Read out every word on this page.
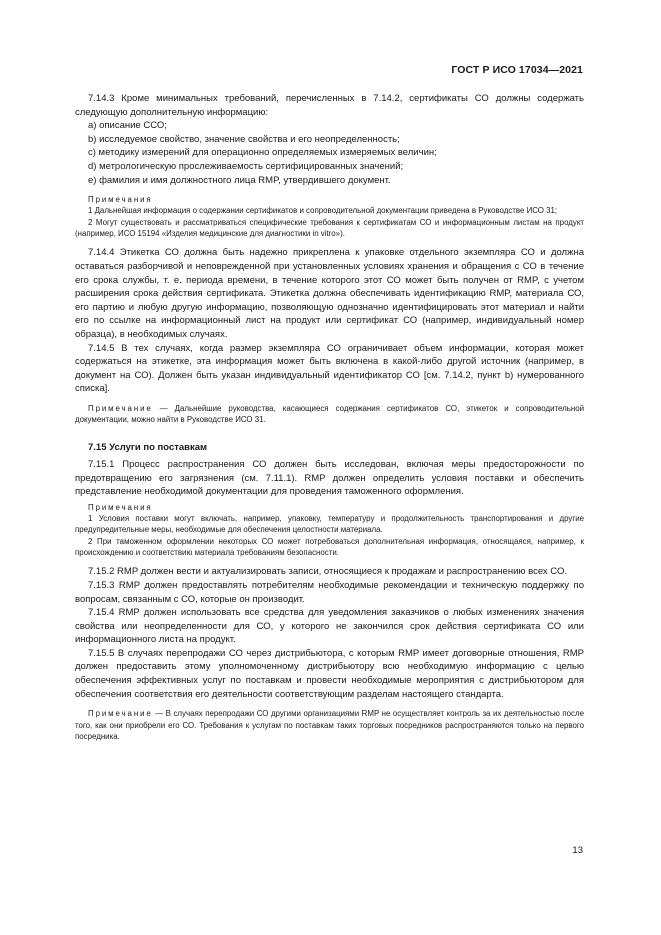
ГОСТ Р ИСО 17034—2021

7.14.3 Кроме минимальных требований, перечисленных в 7.14.2, сертификаты СО должны содержать следующую дополнительную информацию:

а) описание ССО;

b) исследуемое свойство, значение свойства и его неопределенность;

c) методику измерений для операционно определяемых измеряемых величин;

d) метрологическую прослеживаемость сертифицированных значений;

e) фамилия и имя должностного лица RMP, утвердившего документ.

Примечания

1 Дальнейшая информация о содержании сертификатов и сопроводительной документации приведена в Руководстве ИСО 31;

2 Могут существовать и рассматриваться специфические требования к сертификатам СО и информационным листам на продукт (например, ИСО 15194 «Изделия медицинские для диагностики in vitro»).

7.14.4 Этикетка СО должна быть надежно прикреплена к упаковке отдельного экземпляра СО и должна оставаться разборчивой и неповрежденной при установленных условиях хранения и обращения с СО в течение его срока службы, т. е. периода времени, в течение которого этот СО может быть получен от RMP, с учетом расширения срока действия сертификата. Этикетка должна обеспечивать идентификацию RMP, материала СО, его партию и любую другую информацию, позволяющую однозначно идентифицировать этот материал и найти его по ссылке на информационный лист на продукт или сертификат СО (например, индивидуальный номер образца), в необходимых случаях.

7.14.5 В тех случаях, когда размер экземпляра СО ограничивает объем информации, которая может содержаться на этикетке, эта информация может быть включена в какой-либо другой источник (например, в документ на СО). Должен быть указан индивидуальный идентификатор СО [см. 7.14.2, пункт b) нумерованного списка].

Примечание — Дальнейшие руководства, касающиеся содержания сертификатов СО, этикеток и сопроводительной документации, можно найти в Руководстве ИСО 31.

7.15 Услуги по поставкам

7.15.1 Процесс распространения СО должен быть исследован, включая меры предосторожности по предотвращению его загрязнения (см. 7.11.1). RMP должен определить условия поставки и обеспечить представление необходимой документации для проведения таможенного оформления.

Примечания

1 Условия поставки могут включать, например, упаковку, температуру и продолжительность транспортирования и другие предупредительные меры, необходимые для обеспечения целостности материала.

2 При таможенном оформлении некоторых СО может потребоваться дополнительная информация, относящаяся, например, к происхождению и соответствию материала требованиям безопасности.

7.15.2 RMP должен вести и актуализировать записи, относящиеся к продажам и распространению всех СО.

7.15.3 RMP должен предоставлять потребителям необходимые рекомендации и техническую поддержку по вопросам, связанным с СО, которые он производит.

7.15.4 RMP должен использовать все средства для уведомления заказчиков о любых изменениях значения свойства или неопределенности для СО, у которого не закончился срок действия сертификата СО или информационного листа на продукт.

7.15.5 В случаях перепродажи СО через дистрибьютора, с которым RMP имеет договорные отношения, RMP должен предоставить этому уполномоченному дистрибьютору всю необходимую информацию с целью обеспечения эффективных услуг по поставкам и провести необходимые мероприятия с дистрибьютором для обеспечения соответствия его деятельности соответствующим разделам настоящего стандарта.

Примечание — В случаях перепродажи СО другими организациями RMP не осуществляет контроль за их деятельностью после того, как они приобрели его СО. Требования к услугам по поставкам таких торговых посредников распространяются только на первого посредника.

13
